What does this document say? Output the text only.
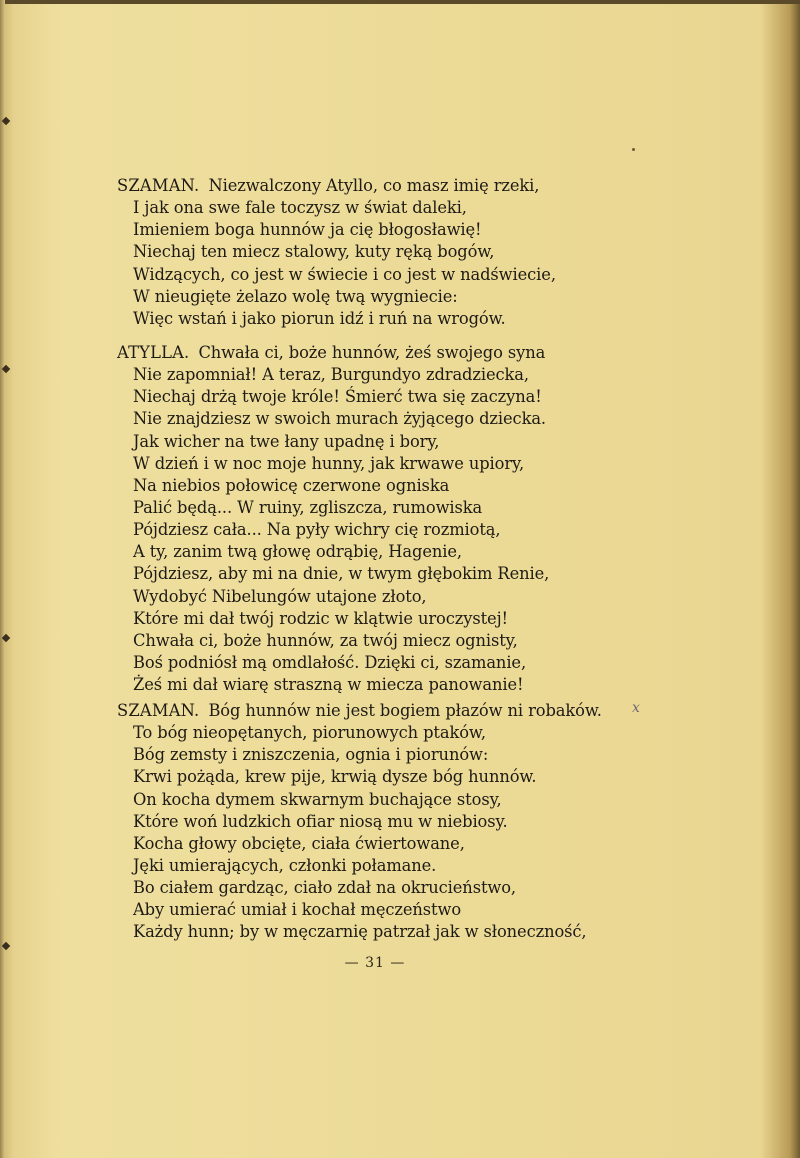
SZAMAN. Niezwalczony Atyllo, co masz imię rzeki,
I jak ona swe fale toczysz w świat daleki,
Imieniem boga hunnów ja cię błogosławię!
Niechaj ten miecz stalowy, kuty ręką bogów,
Widzących, co jest w świecie i co jest w nadświecie,
W nieugięte żelazo wolę twą wygniecie:
Więc wstań i jako piorun idź i ruń na wrogów.
ATYLLA. Chwała ci, boże hunnów, żeś swojego syna
Nie zapomniał! A teraz, Burgundyo zdradziecka,
Niechaj drżą twoje króle! Śmierć twa się zaczyna!
Nie znajdziesz w swoich murach żyjącego dziecka.
Jak wicher na twe łany upadnę i bory,
W dzień i w noc moje hunny, jak krwawe upiory,
Na niebios połowicę czerwone ogniska
Palić będą... W ruiny, zgliszcza, rumowiska
Pójdziesz cała... Na pyły wichry cię rozmiotą,
A ty, zanim twą głowę odrąbię, Hagenie,
Pójdziesz, aby mi na dnie, w twym głębokim Renie,
Wydobyć Nibelungów utajone złoto,
Które mi dał twój rodzic w klątwie uroczystej!
Chwała ci, boże hunnów, za twój miecz ognisty,
Boś podniósł mą omdlałość. Dzięki ci, szamanie,
Żeś mi dał wiarę straszną w miecza panowanie!
SZAMAN. Bóg hunnów nie jest bogiem płazów ni robaków.
To bóg nieopętanych, piorunowych ptaków,
Bóg zemsty i zniszczenia, ognia i piorunów:
Krwi pożąda, krew pije, krwią dysze bóg hunnów.
On kocha dymem skwarnym buchające stosy,
Które woń ludzkich ofiar niosą mu w niebiosy.
Kocha głowy obcięte, ciała ćwiertowane,
Jęki umierających, członki połamane.
Bo ciałem gardząc, ciało zdał na okrucieństwo,
Aby umierać umiał i kochał męczeństwo
Każdy hunn; by w męczarnię patrzał jak w słoneczność,
x
— 31 —
